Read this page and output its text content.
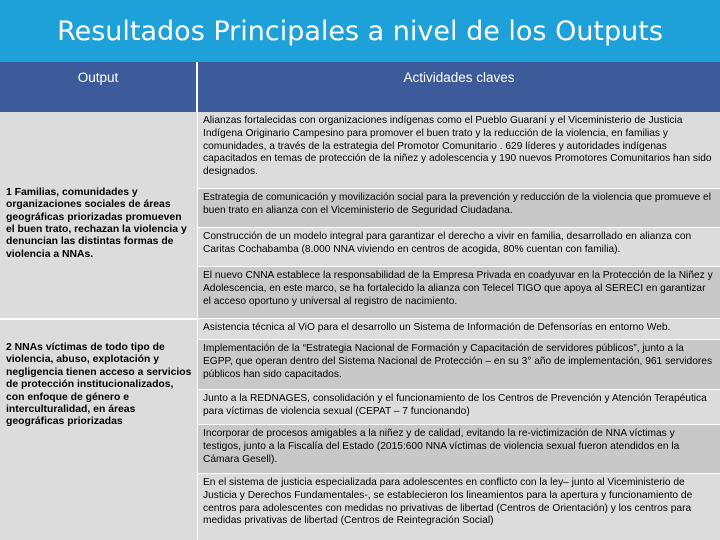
Resultados Principales a nivel de los Outputs
Output	Actividades claves
1 Familias, comunidades y organizaciones sociales de áreas geográficas priorizadas promueven el buen trato, rechazan la violencia y denuncian las distintas formas de violencia a NNAs.
2 NNAs víctimas de todo tipo de violencia, abuso, explotación y negligencia tienen acceso a servicios de protección institucionalizados, con enfoque de género e interculturalidad, en áreas geográficas priorizadas
Alianzas fortalecidas con organizaciones indígenas como el Pueblo Guaraní y el Viceministerio de Justicia Indígena Originario Campesino para promover el buen trato y la reducción de la violencia, en familias y comunidades, a través de la estrategia del Promotor Comunitario . 629 líderes y autoridades indígenas capacitados en temas de protección de la niñez y adolescencia y 190 nuevos Promotores Comunitarios han sido designados.
Estrategia de comunicación y movilización social para la prevención y reducción de la violencia que promueve el buen trato en alianza con el Viceministerio de Seguridad Ciudadana.
Construcción de un modelo integral para garantizar el derecho a vivir en familia, desarrollado en alianza con Caritas Cochabamba (8.000 NNA viviendo en centros de acogida, 80% cuentan con familia).
El nuevo CNNA establece la responsabilidad de la Empresa Privada en coadyuvar en la Protección de la Niñez y Adolescencia, en este marco, se ha fortalecido la alianza con Telecel TIGO que apoya al SERECI en garantizar el acceso oportuno y universal al registro de nacimiento.
Asistencia técnica al ViO para el desarrollo un Sistema de Información de Defensorías en entorno Web.
Implementación de la “Estrategia Nacional de Formación y Capacitación de servidores públicos”, junto a la EGPP, que operan dentro del Sistema Nacional de Protección – en su 3° año de implementación, 961 servidores públicos han sido capacitados.
Junto a la REDNAGES, consolidación y el funcionamiento de los Centros de Prevención y Atención Terapéutica para víctimas de violencia sexual (CEPAT – 7 funcionando)
Incorporar de procesos amigables a la niñez y de calidad, evitando la re-victimización de NNA víctimas y testigos, junto a la Fiscalía del Estado (2015:600 NNA víctimas de violencia sexual fueron atendidos en la Cámara Gesell).
En el sistema de justicia especializada para adolescentes en conflicto con la ley– junto al Viceministerio de Justicia y Derechos Fundamentales-, se establecieron los lineamientos para la apertura y funcionamiento de centros para adolescentes con medidas no privativas de libertad (Centros de Orientación) y los centros para medidas privativas de libertad (Centros de Reintegración Social)
